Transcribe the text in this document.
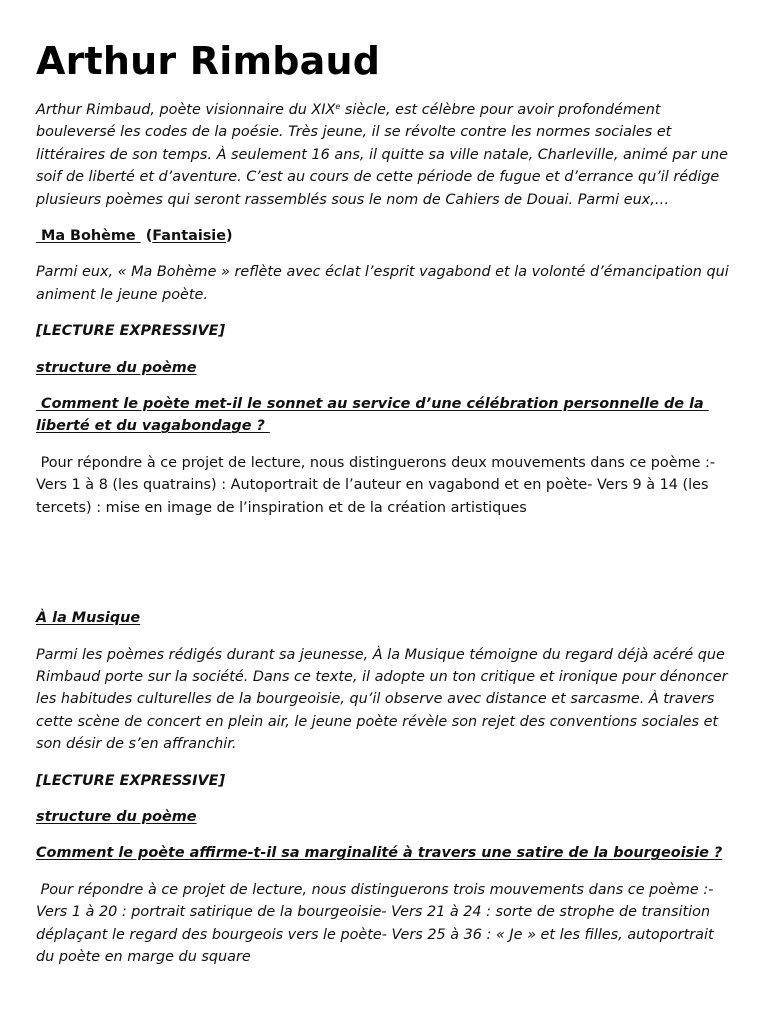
Arthur Rimbaud

Arthur Rimbaud, poète visionnaire du XIXe siècle, est célèbre pour avoir profondément bouleversé les codes de la poésie. Très jeune, il se révolte contre les normes sociales et littéraires de son temps. À seulement 16 ans, il quitte sa ville natale, Charleville, animé par une soif de liberté et d’aventure. C’est au cours de cette période de fugue et d’errance qu’il rédige plusieurs poèmes qui seront rassemblés sous le nom de Cahiers de Douai. Parmi eux,…

Ma Bohème  (Fantaisie)

Parmi eux, « Ma Bohème » reflète avec éclat l’esprit vagabond et la volonté d’émancipation qui animent le jeune poète.

[LECTURE EXPRESSIVE]

structure du poème

Comment le poète met-il le sonnet au service d’une célébration personnelle de la liberté et du vagabondage ?

Pour répondre à ce projet de lecture, nous distinguerons deux mouvements dans ce poème :- Vers 1 à 8 (les quatrains) : Autoportrait de l’auteur en vagabond et en poète- Vers 9 à 14 (les tercets) : mise en image de l’inspiration et de la création artistiques

À la Musique

Parmi les poèmes rédigés durant sa jeunesse, À la Musique témoigne du regard déjà acéré que Rimbaud porte sur la société. Dans ce texte, il adopte un ton critique et ironique pour dénoncer les habitudes culturelles de la bourgeoisie, qu’il observe avec distance et sarcasme. À travers cette scène de concert en plein air, le jeune poète révèle son rejet des conventions sociales et son désir de s’en affranchir.

[LECTURE EXPRESSIVE]

structure du poème

Comment le poète affirme-t-il sa marginalité à travers une satire de la bourgeoisie ?

Pour répondre à ce projet de lecture, nous distinguerons trois mouvements dans ce poème :- Vers 1 à 20 : portrait satirique de la bourgeoisie- Vers 21 à 24 : sorte de strophe de transition déplaçant le regard des bourgeois vers le poète- Vers 25 à 36 : « Je » et les filles, autoportrait du poète en marge du square
